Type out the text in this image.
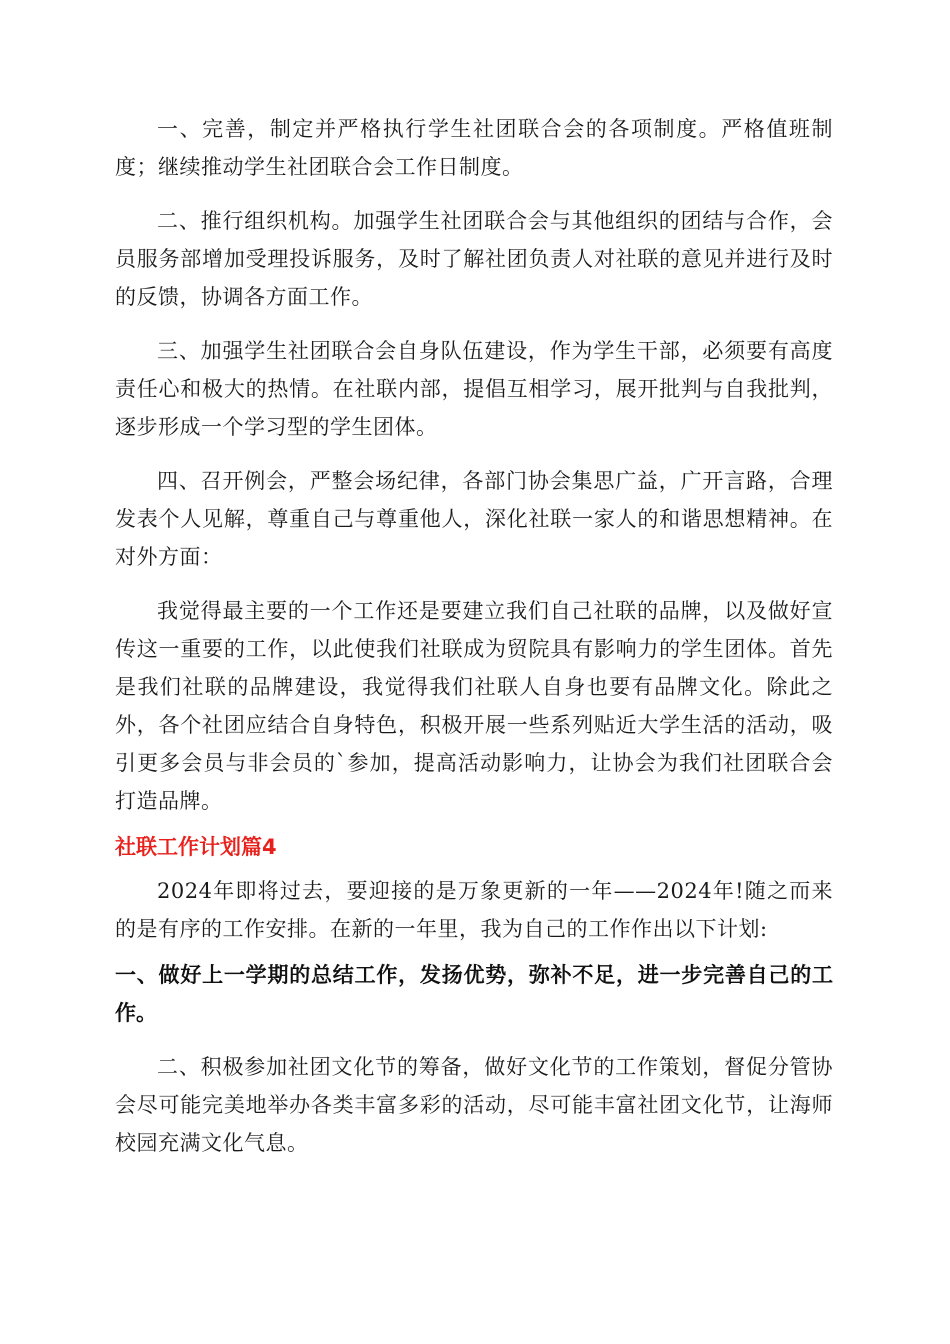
一、完善，制定并严格执行学生社团联合会的各项制度。严格值班制度；继续推动学生社团联合会工作日制度。

二、推行组织机构。加强学生社团联合会与其他组织的团结与合作，会员服务部增加受理投诉服务，及时了解社团负责人对社联的意见并进行及时的反馈，协调各方面工作。

三、加强学生社团联合会自身队伍建设，作为学生干部，必须要有高度责任心和极大的热情。在社联内部，提倡互相学习，展开批判与自我批判，逐步形成一个学习型的学生团体。

四、召开例会，严整会场纪律，各部门协会集思广益，广开言路，合理发表个人见解，尊重自己与尊重他人，深化社联一家人的和谐思想精神。在对外方面：

我觉得最主要的一个工作还是要建立我们自己社联的品牌，以及做好宣传这一重要的工作，以此使我们社联成为贸院具有影响力的学生团体。首先是我们社联的品牌建设，我觉得我们社联人自身也要有品牌文化。除此之外，各个社团应结合自身特色，积极开展一些系列贴近大学生活的活动，吸引更多会员与非会员的`参加，提高活动影响力，让协会为我们社团联合会打造品牌。

社联工作计划篇4

2024年即将过去，要迎接的是万象更新的一年——2024年!随之而来的是有序的工作安排。在新的一年里，我为自己的工作作出以下计划:

一、做好上一学期的总结工作，发扬优势，弥补不足，进一步完善自己的工作。

二、积极参加社团文化节的筹备，做好文化节的工作策划，督促分管协会尽可能完美地举办各类丰富多彩的活动，尽可能丰富社团文化节，让海师校园充满文化气息。
